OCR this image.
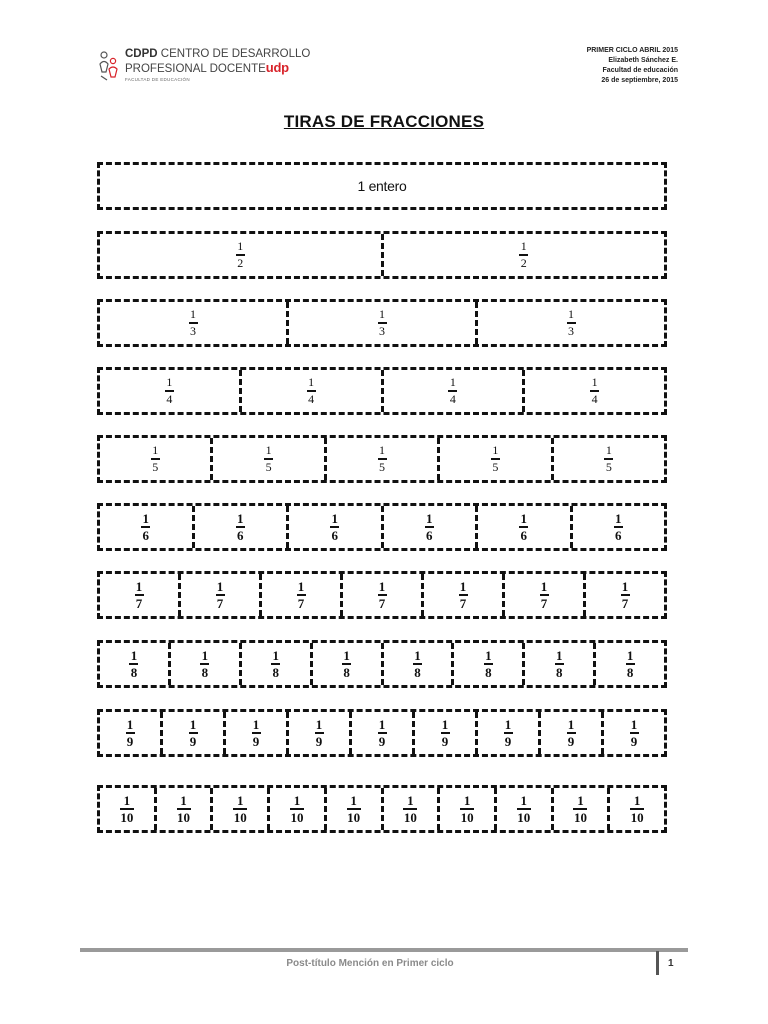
CDPD CENTRO DE DESARROLLO
PROFESIONAL DOCENTEudp
FACULTAD DE EDUCACIÓN
PRIMER CICLO ABRIL 2015
Elizabeth Sánchez E.
Facultad de educación
26 de septiembre, 2015
TIRAS DE FRACCIONES
1 entero
$\frac{1}{2}$	$\frac{1}{2}$
$\frac{1}{3}$	$\frac{1}{3}$	$\frac{1}{3}$
$\frac{1}{4}$	$\frac{1}{4}$	$\frac{1}{4}$	$\frac{1}{4}$
$\frac{1}{5}$	$\frac{1}{5}$	$\frac{1}{5}$	$\frac{1}{5}$	$\frac{1}{5}$
$\frac{1}{6}$	$\frac{1}{6}$	$\frac{1}{6}$	$\frac{1}{6}$	$\frac{1}{6}$	$\frac{1}{6}$
$\frac{1}{7}$	$\frac{1}{7}$	$\frac{1}{7}$	$\frac{1}{7}$	$\frac{1}{7}$	$\frac{1}{7}$	$\frac{1}{7}$
$\frac{1}{8}$	$\frac{1}{8}$	$\frac{1}{8}$	$\frac{1}{8}$	$\frac{1}{8}$	$\frac{1}{8}$	$\frac{1}{8}$	$\frac{1}{8}$
$\frac{1}{9}$	$\frac{1}{9}$	$\frac{1}{9}$	$\frac{1}{9}$	$\frac{1}{9}$	$\frac{1}{9}$	$\frac{1}{9}$	$\frac{1}{9}$	$\frac{1}{9}$
$\frac{1}{10}$	$\frac{1}{10}$	$\frac{1}{10}$	$\frac{1}{10}$	$\frac{1}{10}$	$\frac{1}{10}$	$\frac{1}{10}$	$\frac{1}{10}$	$\frac{1}{10}$	$\frac{1}{10}$
Post-título Mención en Primer ciclo	1
